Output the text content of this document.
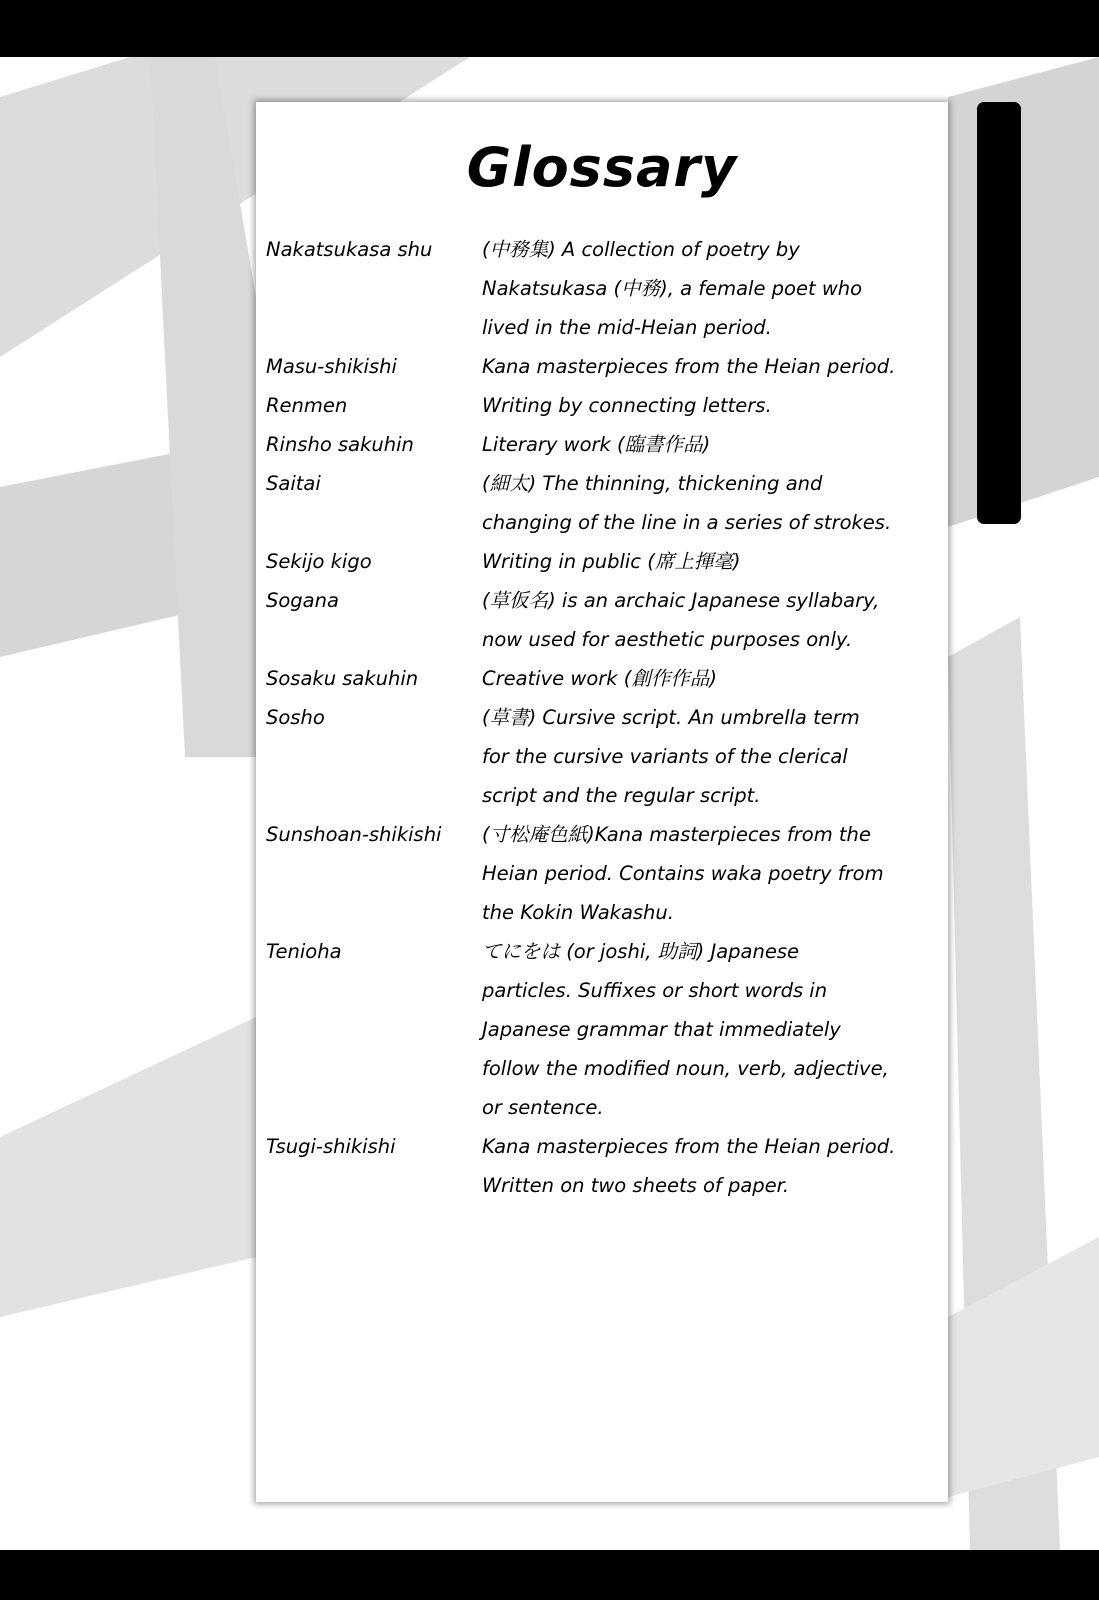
Glossary
Nakatsukasa shu	(中務集) A collection of poetry by
Nakatsukasa (中務), a female poet who
lived in the mid-Heian period.
Masu-shikishi	Kana masterpieces from the Heian period.
Renmen	Writing by connecting letters.
Rinsho sakuhin	Literary work (臨書作品)
Saitai	(細太) The thinning, thickening and
changing of the line in a series of strokes.
Sekijo kigo	Writing in public (席上揮毫)
Sogana	(草仮名) is an archaic Japanese syllabary,
now used for aesthetic purposes only.
Sosaku sakuhin	Creative work (創作作品)
Sosho	(草書) Cursive script. An umbrella term
for the cursive variants of the clerical
script and the regular script.
Sunshoan-shikishi	(寸松庵色紙)Kana masterpieces from the
Heian period. Contains waka poetry from
the Kokin Wakashu.
Tenioha	てにをは (or joshi, 助詞) Japanese
particles. Suffixes or short words in
Japanese grammar that immediately
follow the modified noun, verb, adjective,
or sentence.
Tsugi-shikishi	Kana masterpieces from the Heian period.
Written on two sheets of paper.
